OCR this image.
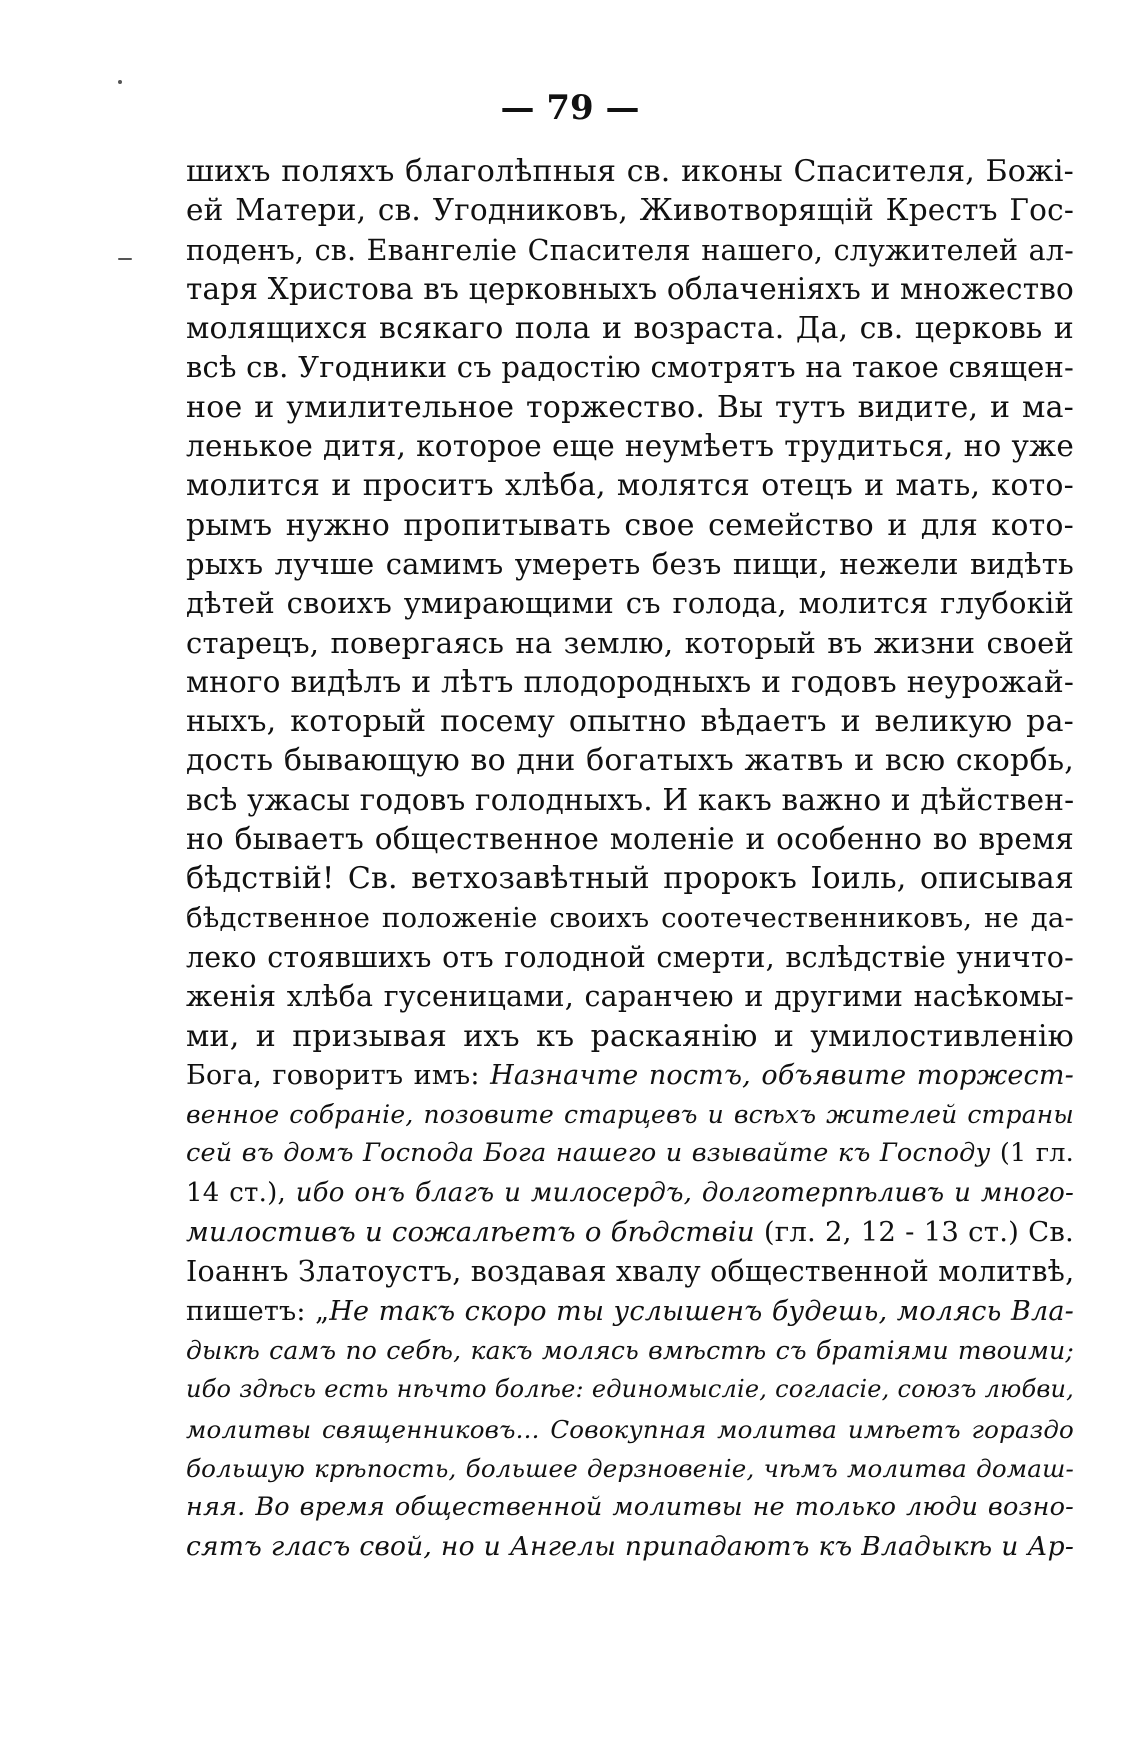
— 79 —
шихъ поляхъ благолѣпныя св. иконы Спасителя, Божі-
ей Матери, св. Угодниковъ, Животворящій Крестъ Гос-
поденъ, св. Евангеліе Спасителя нашего, служителей ал-
таря Христова въ церковныхъ облаченіяхъ и множество
молящихся всякаго пола и возраста. Да, св. церковь и
всѣ св. Угодники съ радостію смотрятъ на такое священ-
ное и умилительное торжество. Вы тутъ видите, и ма-
ленькое дитя, которое еще неумѣетъ трудиться, но уже
молится и проситъ хлѣба, молятся отецъ и мать, кото-
рымъ нужно пропитывать свое семейство и для кото-
рыхъ лучше самимъ умереть безъ пищи, нежели видѣть
дѣтей своихъ умирающими съ голода, молится глубокій
старецъ, повергаясь на землю, который въ жизни своей
много видѣлъ и лѣтъ плодородныхъ и годовъ неурожай-
ныхъ, который посему опытно вѣдаетъ и великую ра-
дость бывающую во дни богатыхъ жатвъ и всю скорбь,
всѣ ужасы годовъ голодныхъ. И какъ важно и дѣйствен-
но бываетъ общественное моленіе и особенно во время
бѣдствій! Св. ветхозавѣтный пророкъ Іоиль, описывая
бѣдственное положеніе своихъ соотечественниковъ, не да-
леко стоявшихъ отъ голодной смерти, вслѣдствіе уничто-
женія хлѣба гусеницами, саранчею и другими насѣкомы-
ми, и призывая ихъ къ раскаянію и умилостивленію
Бога, говоритъ имъ: Назначте постъ, объявите торжест-
венное собраніе, позовите старцевъ и всѣхъ жителей страны
сей въ домъ Господа Бога нашего и взывайте къ Господу (1 гл.
14 ст.), ибо онъ благъ и милосердъ, долготерпѣливъ и много-
милостивъ и сожалѣетъ о бѣдствіи (гл. 2, 12 - 13 ст.) Св.
Іоаннъ Златоустъ, воздавая хвалу общественной молитвѣ,
пишетъ: „Не такъ скоро ты услышенъ будешь, молясь Вла-
дыкѣ самъ по себѣ, какъ молясь вмѣстѣ съ братіями твоими;
ибо здѣсь есть нѣчто болѣе: единомысліе, согласіе, союзъ любви,
молитвы священниковъ... Совокупная молитва имѣетъ гораздо
большую крѣпость, большее дерзновеніе, чѣмъ молитва домаш-
няя. Во время общественной молитвы не только люди возно-
сятъ гласъ свой, но и Ангелы припадаютъ къ Владыкѣ и Ар-
